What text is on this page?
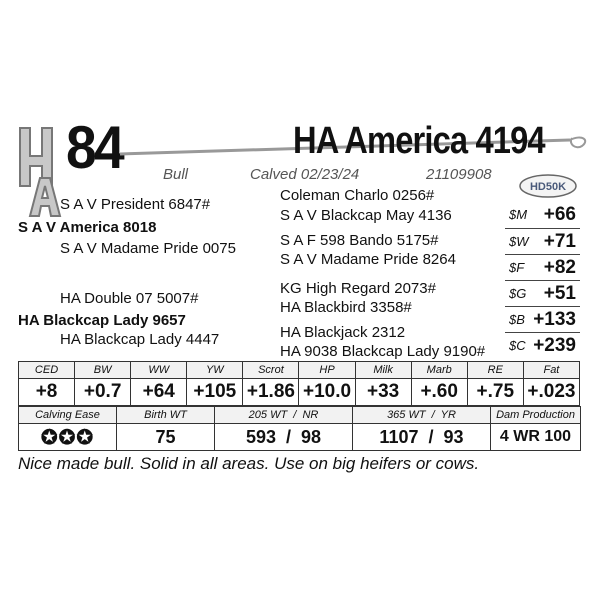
84	HA America 4194
Bull	Calved 02/23/24	21109908
HD50K
S A V President 6847#
S A V America 8018
S A V Madame Pride 0075
HA Double 07 5007#
HA Blackcap Lady 9657
HA Blackcap Lady 4447
Coleman Charlo 0256#
S A V Blackcap May 4136
S A F 598 Bando 5175#
S A V Madame Pride 8264
KG High Regard 2073#
HA Blackbird 3358#
HA Blackjack 2312
HA 9038 Blackcap Lady 9190#
$M +66
$W +71
$F +82
$G +51
$B +133
$C +239
CED	BW	WW	YW	Scrot	HP	Milk	Marb	RE	Fat
+8	+0.7	+64	+105	+1.86	+10.0	+33	+.60	+.75	+.023
Calving Ease	Birth WT	205 WT  /  NR	365 WT  /  YR	Dam Production
✪✪✪	75	593 / 98	1107 / 93	4 WR 100
Nice made bull. Solid in all areas. Use on big heifers or cows.
